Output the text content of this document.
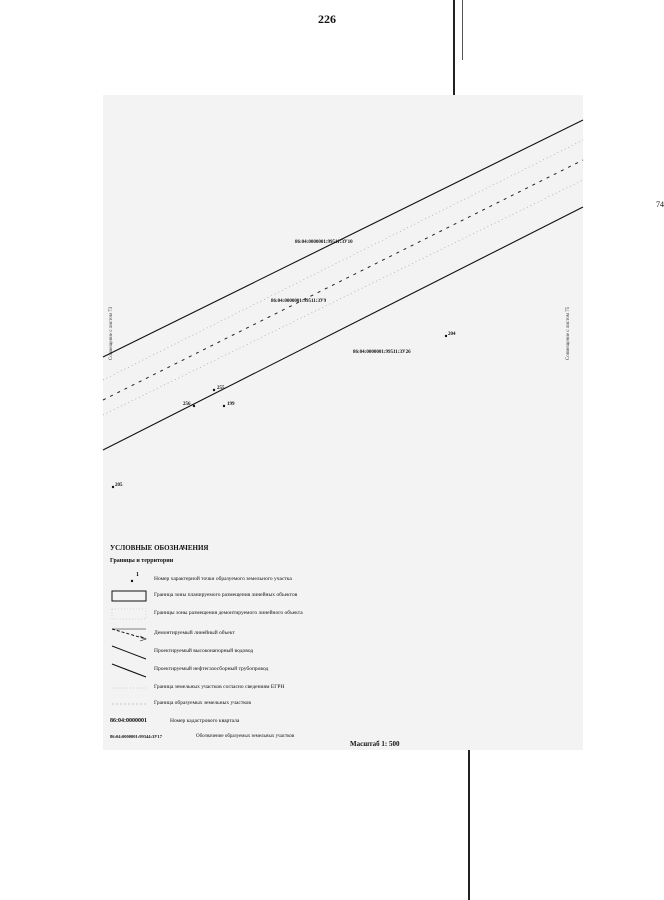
226
74
86:04:0000001:99511:ЗУ10
86:04:0000001:99511:ЗУ9
86:04:0000001:99511:ЗУ26
204
255
256	199
205
Совмещение с листом 73	Совмещение с листом 75
УСЛОВНЫЕ ОБОЗНАЧЕНИЯ
Границы и территории
1
Номер характерной точки образуемого земельного участка
Граница зоны планируемого размещения линейных объектов
Границы зоны размещения демонтируемого линейного объекта
Демонтируемый линейный объект
Проектируемый высоконапорный водовод
Проектируемый нефтегазосборный трубопровод
Граница земельных участков согласно сведениям ЕГРН
Граница образуемых земельных участков
86:04:0000001	Номер кадастрового квартала
86:04:0000001:99344:ЗУ17	Обозначение образуемых земельных участков
Масштаб 1: 500
